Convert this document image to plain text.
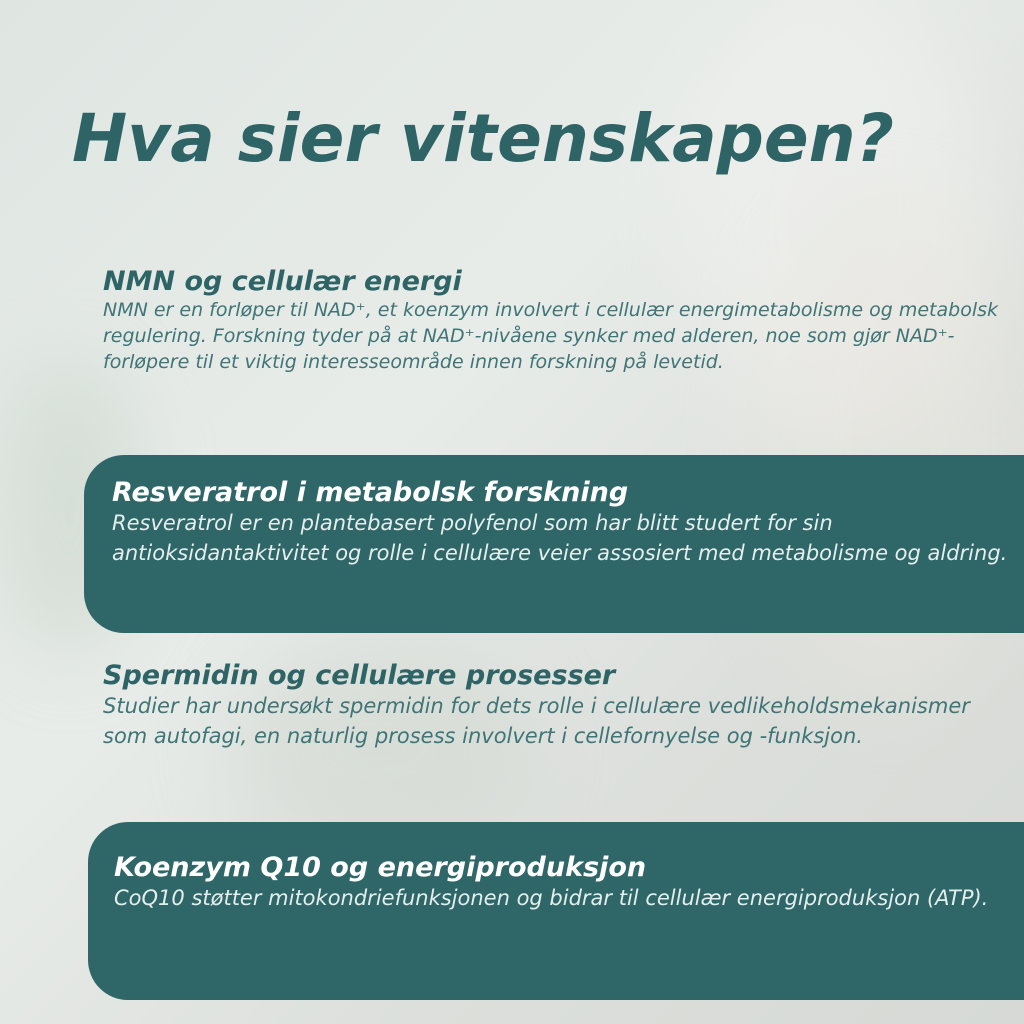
Hva sier vitenskapen?
NMN og cellulær energi

NMN er en forløper til NAD⁺, et koenzym involvert i cellulær energimetabolisme og metabolsk regulering. Forskning tyder på at NAD⁺-nivåene synker med alderen, noe som gjør NAD⁺-forløpere til et viktig interesseområde innen forskning på levetid.

Resveratrol i metabolsk forskning

Resveratrol er en plantebasert polyfenol som har blitt studert for sin antioksidantaktivitet og rolle i cellulære veier assosiert med metabolisme og aldring.

Spermidin og cellulære prosesser

Studier har undersøkt spermidin for dets rolle i cellulære vedlikeholdsmekanismer som autofagi, en naturlig prosess involvert i cellefornyelse og -funksjon.

Koenzym Q10 og energiproduksjon

CoQ10 støtter mitokondriefunksjonen og bidrar til cellulær energiproduksjon (ATP).
